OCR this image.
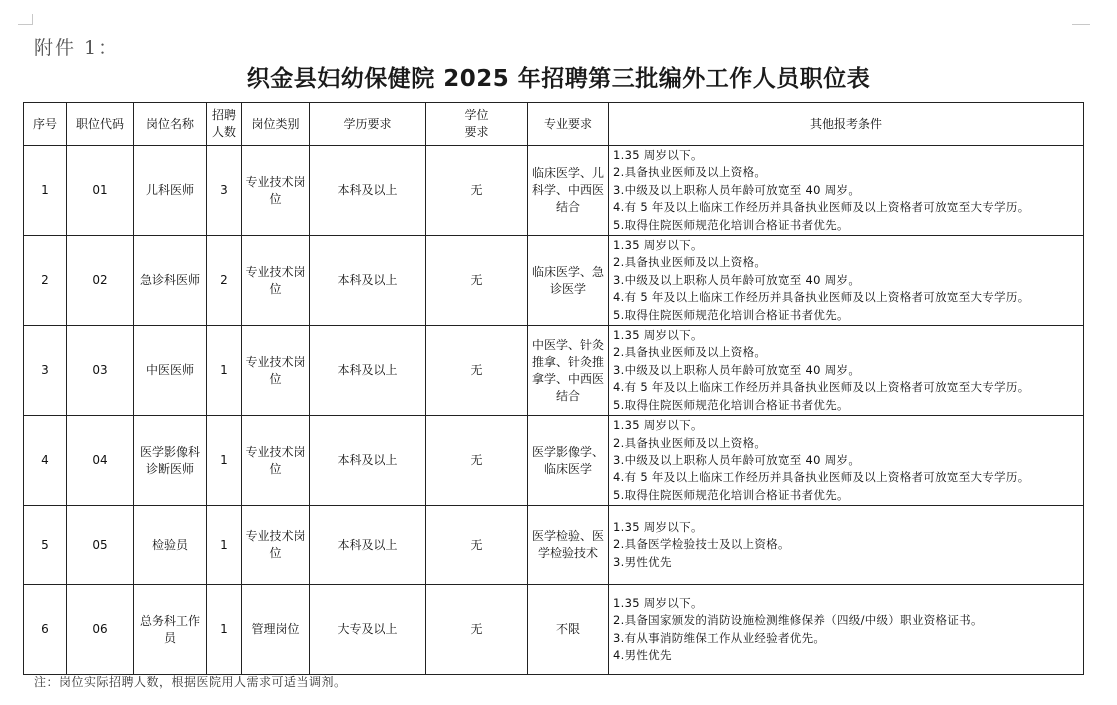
附件 1：
织金县妇幼保健院 2025 年招聘第三批编外工作人员职位表
序号	职位代码	岗位名称	招聘
人数	岗位类别	学历要求	学位
要求	专业要求	其他报考条件
1	01	儿科医师	3	专业技术岗位	本科及以上	无	临床医学、儿科学、中西医结合	1.35 周岁以下。
2.具备执业医师及以上资格。
3.中级及以上职称人员年龄可放宽至 40 周岁。
4.有 5 年及以上临床工作经历并具备执业医师及以上资格者可放宽至大专学历。
5.取得住院医师规范化培训合格证书者优先。

2	02	急诊科医师	2	专业技术岗位	本科及以上	无	临床医学、急诊医学	1.35 周岁以下。
2.具备执业医师及以上资格。
3.中级及以上职称人员年龄可放宽至 40 周岁。
4.有 5 年及以上临床工作经历并具备执业医师及以上资格者可放宽至大专学历。
5.取得住院医师规范化培训合格证书者优先。

3	03	中医医师	1	专业技术岗位	本科及以上	无	中医学、针灸推拿、针灸推拿学、中西医结合	1.35 周岁以下。
2.具备执业医师及以上资格。
3.中级及以上职称人员年龄可放宽至 40 周岁。
4.有 5 年及以上临床工作经历并具备执业医师及以上资格者可放宽至大专学历。
5.取得住院医师规范化培训合格证书者优先。

4	04	医学影像科诊断医师	1	专业技术岗位	本科及以上	无	医学影像学、临床医学	1.35 周岁以下。
2.具备执业医师及以上资格。
3.中级及以上职称人员年龄可放宽至 40 周岁。
4.有 5 年及以上临床工作经历并具备执业医师及以上资格者可放宽至大专学历。
5.取得住院医师规范化培训合格证书者优先。

5	05	检验员	1	专业技术岗位	本科及以上	无	医学检验、医学检验技术	1.35 周岁以下。
2.具备医学检验技士及以上资格。
3.男性优先

6	06	总务科工作员	1	管理岗位	大专及以上	无	不限	1.35 周岁以下。
2.具备国家颁发的消防设施检测维修保养（四级/中级）职业资格证书。
3.有从事消防维保工作从业经验者优先。
4.男性优先
注：岗位实际招聘人数，根据医院用人需求可适当调剂。
